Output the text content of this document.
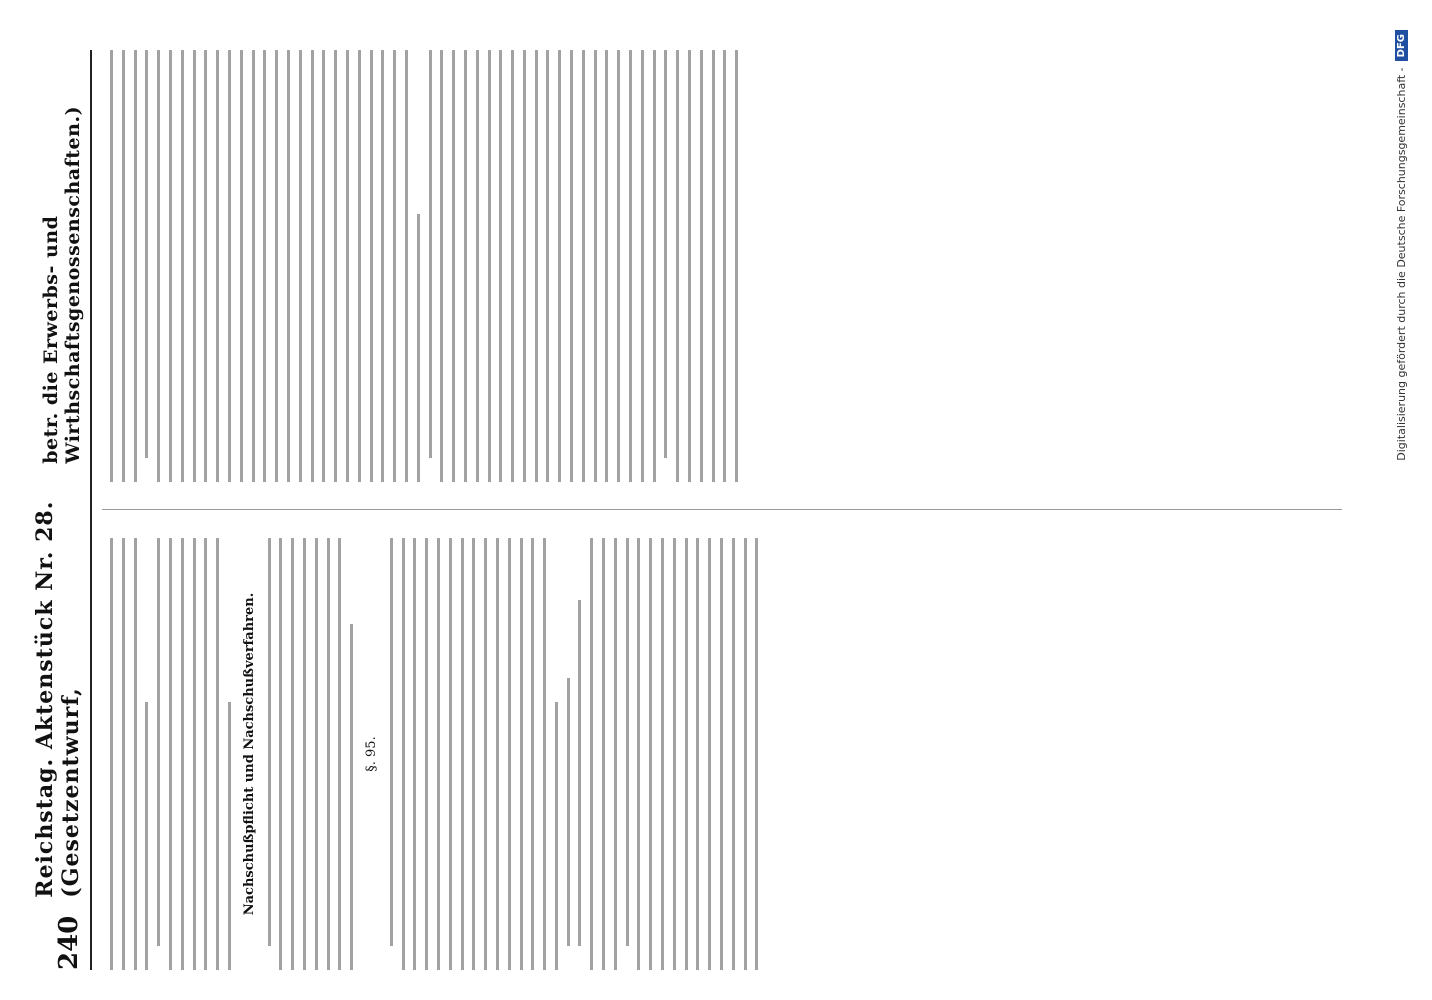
240
Reichstag. Aktenstück Nr. 28. (Gesetzentwurf,
betr. die Erwerbs- und Wirthschaftsgenossenschaften.)
Nachschußpflicht und Nachschußverfahren.	§. 95.
Digitalisierung gefördert durch die Deutsche Forschungsgemeinschaft -
DFG
